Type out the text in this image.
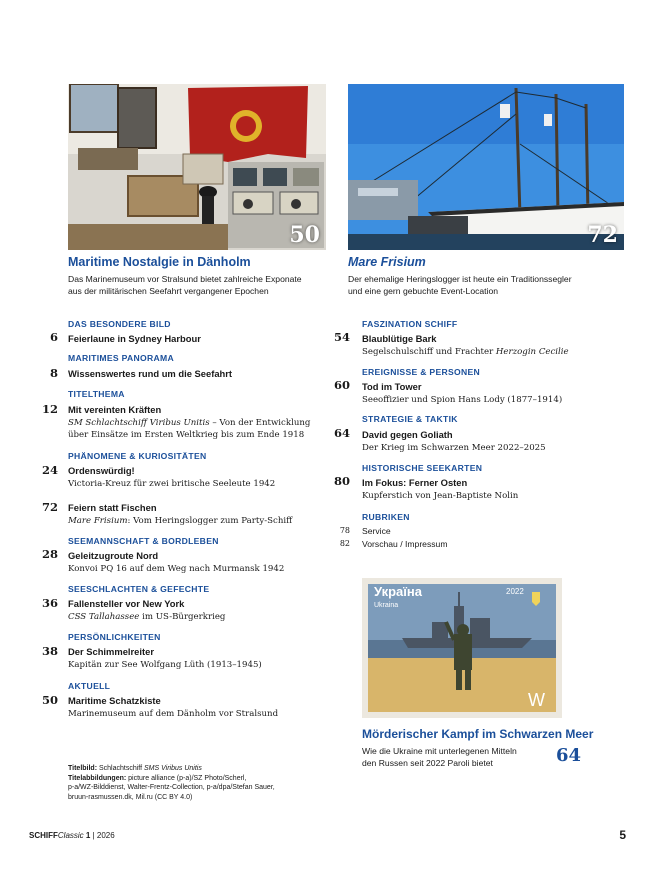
50	72
Maritime Nostalgie in Dänholm
Das Marinemuseum vor Stralsund bietet zahlreiche Exponate
aus der militärischen Seefahrt vergangener Epochen
Mare Frisium
Der ehemalige Heringslogger ist heute ein Traditionssegler
und eine gern gebuchte Event-Location
DAS BESONDERE BILD
6 Feierlaune in Sydney Harbour
MARITIMES PANORAMA
8 Wissenswertes rund um die Seefahrt
TITELTHEMA
12 Mit vereinten Kräften
SM Schlachtschiff Viribus Unitis – Von der Entwicklung
über Einsätze im Ersten Weltkrieg bis zum Ende 1918
PHÄNOMENE & KURIOSITÄTEN
24 Ordenswürdig!
Victoria-Kreuz für zwei britische Seeleute 1942
72 Feiern statt Fischen
Mare Frisium: Vom Heringslogger zum Party-Schiff
SEEMANNSCHAFT & BORDLEBEN
28 Geleitzugroute Nord
Konvoi PQ 16 auf dem Weg nach Murmansk 1942
SEESCHLACHTEN & GEFECHTE
36 Fallensteller vor New York
CSS Tallahassee im US-Bürgerkrieg
PERSÖNLICHKEITEN
38 Der Schimmelreiter
Kapitän zur See Wolfgang Lüth (1913–1945)
AKTUELL
50 Maritime Schatzkiste
Marinemuseum auf dem Dänholm vor Stralsund
FASZINATION SCHIFF
54 Blaublütige Bark
Segelschulschiff und Frachter Herzogin Cecilie
EREIGNISSE & PERSONEN
60 Tod im Tower
Seeoffizier und Spion Hans Lody (1877–1914)
STRATEGIE & TAKTIK
64 David gegen Goliath
Der Krieg im Schwarzen Meer 2022–2025
HISTORISCHE SEEKARTEN
80 Im Fokus: Ferner Osten
Kupferstich von Jean-Baptiste Nolin
RUBRIKEN
78 Service
82 Vorschau / Impressum
Україна
Ukraina
2022
W
Mörderischer Kampf im Schwarzen Meer
Wie die Ukraine mit unterlegenen Mitteln
den Russen seit 2022 Paroli bietet	64
Titelbild: Schlachtschiff SMS Viribus Unitis
Titelabbildungen: picture alliance (p-a)/SZ Photo/Scherl,
p-a/WZ-Bilddienst, Walter-Frentz-Collection, p-a/dpa/Stefan Sauer,
bruun-rasmussen.dk, Mil.ru (CC BY 4.0)
SCHIFFClassic 1 | 2026	5
